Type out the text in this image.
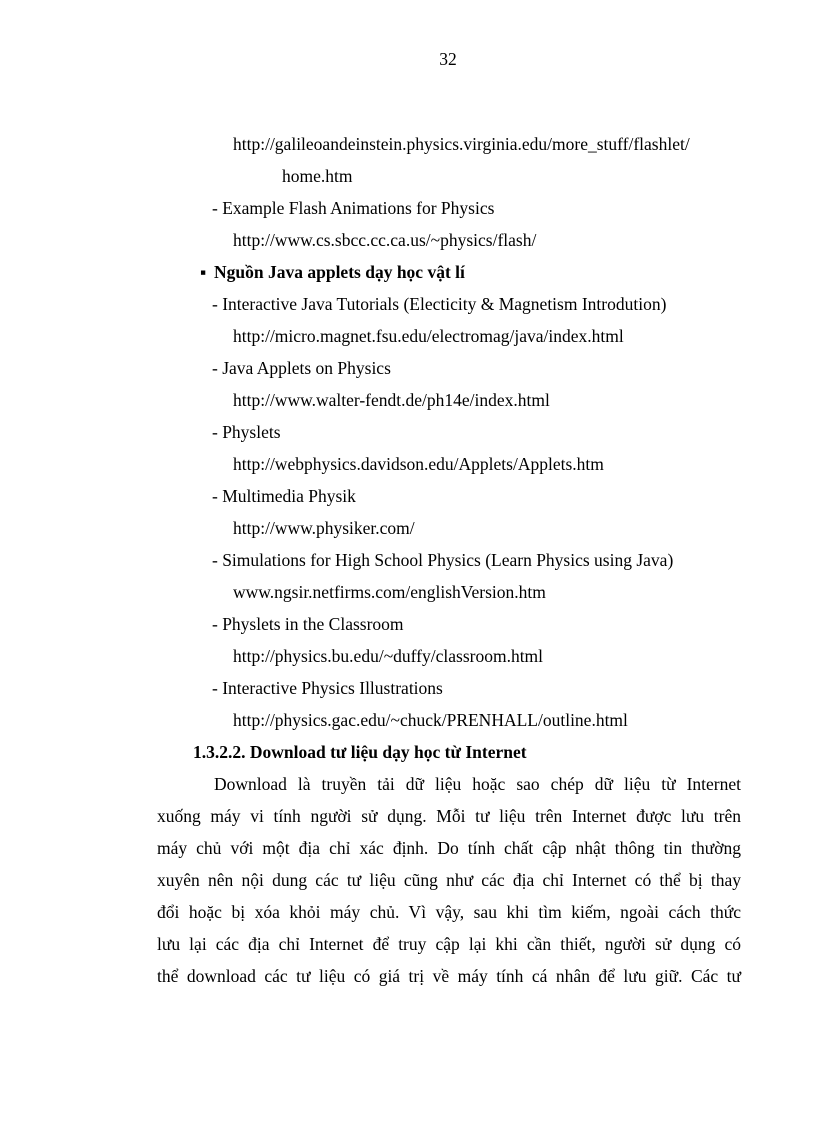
32
http://galileoandeinstein.physics.virginia.edu/more_stuff/flashlet/
home.htm
- Example Flash Animations for Physics
http://www.cs.sbcc.cc.ca.us/~physics/flash/
▪ Nguồn Java applets dạy học vật lí
- Interactive Java Tutorials (Electicity & Magnetism Introdution)
http://micro.magnet.fsu.edu/electromag/java/index.html
- Java Applets on Physics
http://www.walter-fendt.de/ph14e/index.html
- Physlets
http://webphysics.davidson.edu/Applets/Applets.htm
- Multimedia Physik
http://www.physiker.com/
- Simulations for High School Physics (Learn Physics using Java)
www.ngsir.netfirms.com/englishVersion.htm
- Physlets in the Classroom
http://physics.bu.edu/~duffy/classroom.html
- Interactive Physics Illustrations
http://physics.gac.edu/~chuck/PRENHALL/outline.html
1.3.2.2. Download tư liệu dạy học từ Internet
Download là truyền tải dữ liệu hoặc sao chép dữ liệu từ Internet
xuống máy vi tính người sử dụng. Mỗi tư liệu trên Internet được lưu trên
máy chủ với một địa chỉ xác định. Do tính chất cập nhật thông tin thường
xuyên nên nội dung các tư liệu cũng như các địa chỉ Internet có thể bị thay
đổi hoặc bị xóa khỏi máy chủ. Vì vậy, sau khi tìm kiếm, ngoài cách thức
lưu lại các địa chỉ Internet để truy cập lại khi cần thiết, người sử dụng có
thể download các tư liệu có giá trị về máy tính cá nhân để lưu giữ. Các tư
